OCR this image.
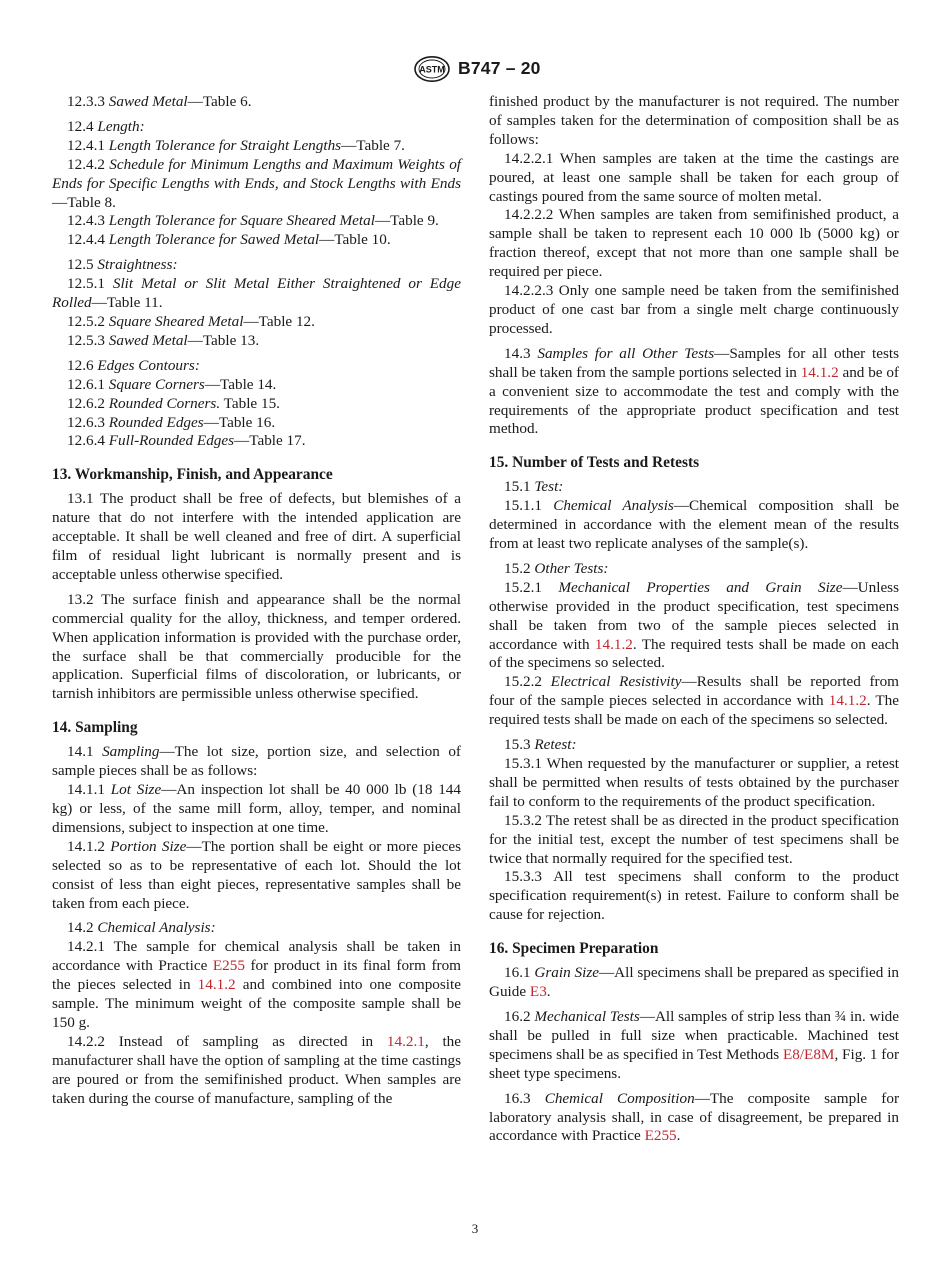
ASTM B747 – 20

12.3.3 Sawed Metal—Table 6.

12.4 Length:

12.4.1 Length Tolerance for Straight Lengths—Table 7.

12.4.2 Schedule for Minimum Lengths and Maximum Weights of Ends for Specific Lengths with Ends, and Stock Lengths with Ends—Table 8.

12.4.3 Length Tolerance for Square Sheared Metal—Table 9.

12.4.4 Length Tolerance for Sawed Metal—Table 10.

12.5 Straightness:

12.5.1 Slit Metal or Slit Metal Either Straightened or Edge Rolled—Table 11.

12.5.2 Square Sheared Metal—Table 12.

12.5.3 Sawed Metal—Table 13.

12.6 Edges Contours:

12.6.1 Square Corners—Table 14.

12.6.2 Rounded Corners. Table 15.

12.6.3 Rounded Edges—Table 16.

12.6.4 Full-Rounded Edges—Table 17.

13. Workmanship, Finish, and Appearance

13.1 The product shall be free of defects, but blemishes of a nature that do not interfere with the intended application are acceptable. It shall be well cleaned and free of dirt. A superficial film of residual light lubricant is normally present and is acceptable unless otherwise specified.

13.2 The surface finish and appearance shall be the normal commercial quality for the alloy, thickness, and temper ordered. When application information is provided with the purchase order, the surface shall be that commercially producible for the application. Superficial films of discoloration, or lubricants, or tarnish inhibitors are permissible unless otherwise specified.

14. Sampling

14.1 Sampling—The lot size, portion size, and selection of sample pieces shall be as follows:

14.1.1 Lot Size—An inspection lot shall be 40 000 lb (18 144 kg) or less, of the same mill form, alloy, temper, and nominal dimensions, subject to inspection at one time.

14.1.2 Portion Size—The portion shall be eight or more pieces selected so as to be representative of each lot. Should the lot consist of less than eight pieces, representative samples shall be taken from each piece.

14.2 Chemical Analysis:

14.2.1 The sample for chemical analysis shall be taken in accordance with Practice E255 for product in its final form from the pieces selected in 14.1.2 and combined into one composite sample. The minimum weight of the composite sample shall be 150 g.

14.2.2 Instead of sampling as directed in 14.2.1, the manufacturer shall have the option of sampling at the time castings are poured or from the semifinished product. When samples are taken during the course of manufacture, sampling of the

finished product by the manufacturer is not required. The number of samples taken for the determination of composition shall be as follows:

14.2.2.1 When samples are taken at the time the castings are poured, at least one sample shall be taken for each group of castings poured from the same source of molten metal.

14.2.2.2 When samples are taken from semifinished product, a sample shall be taken to represent each 10 000 lb (5000 kg) or fraction thereof, except that not more than one sample shall be required per piece.

14.2.2.3 Only one sample need be taken from the semifinished product of one cast bar from a single melt charge continuously processed.

14.3 Samples for all Other Tests—Samples for all other tests shall be taken from the sample portions selected in 14.1.2 and be of a convenient size to accommodate the test and comply with the requirements of the appropriate product specification and test method.

15. Number of Tests and Retests

15.1 Test:

15.1.1 Chemical Analysis—Chemical composition shall be determined in accordance with the element mean of the results from at least two replicate analyses of the sample(s).

15.2 Other Tests:

15.2.1 Mechanical Properties and Grain Size—Unless otherwise provided in the product specification, test specimens shall be taken from two of the sample pieces selected in accordance with 14.1.2. The required tests shall be made on each of the specimens so selected.

15.2.2 Electrical Resistivity—Results shall be reported from four of the sample pieces selected in accordance with 14.1.2. The required tests shall be made on each of the specimens so selected.

15.3 Retest:

15.3.1 When requested by the manufacturer or supplier, a retest shall be permitted when results of tests obtained by the purchaser fail to conform to the requirements of the product specification.

15.3.2 The retest shall be as directed in the product specification for the initial test, except the number of test specimens shall be twice that normally required for the specified test.

15.3.3 All test specimens shall conform to the product specification requirement(s) in retest. Failure to conform shall be cause for rejection.

16. Specimen Preparation

16.1 Grain Size—All specimens shall be prepared as specified in Guide E3.

16.2 Mechanical Tests—All samples of strip less than ¾ in. wide shall be pulled in full size when practicable. Machined test specimens shall be as specified in Test Methods E8/E8M, Fig. 1 for sheet type specimens.

16.3 Chemical Composition—The composite sample for laboratory analysis shall, in case of disagreement, be prepared in accordance with Practice E255.

3
